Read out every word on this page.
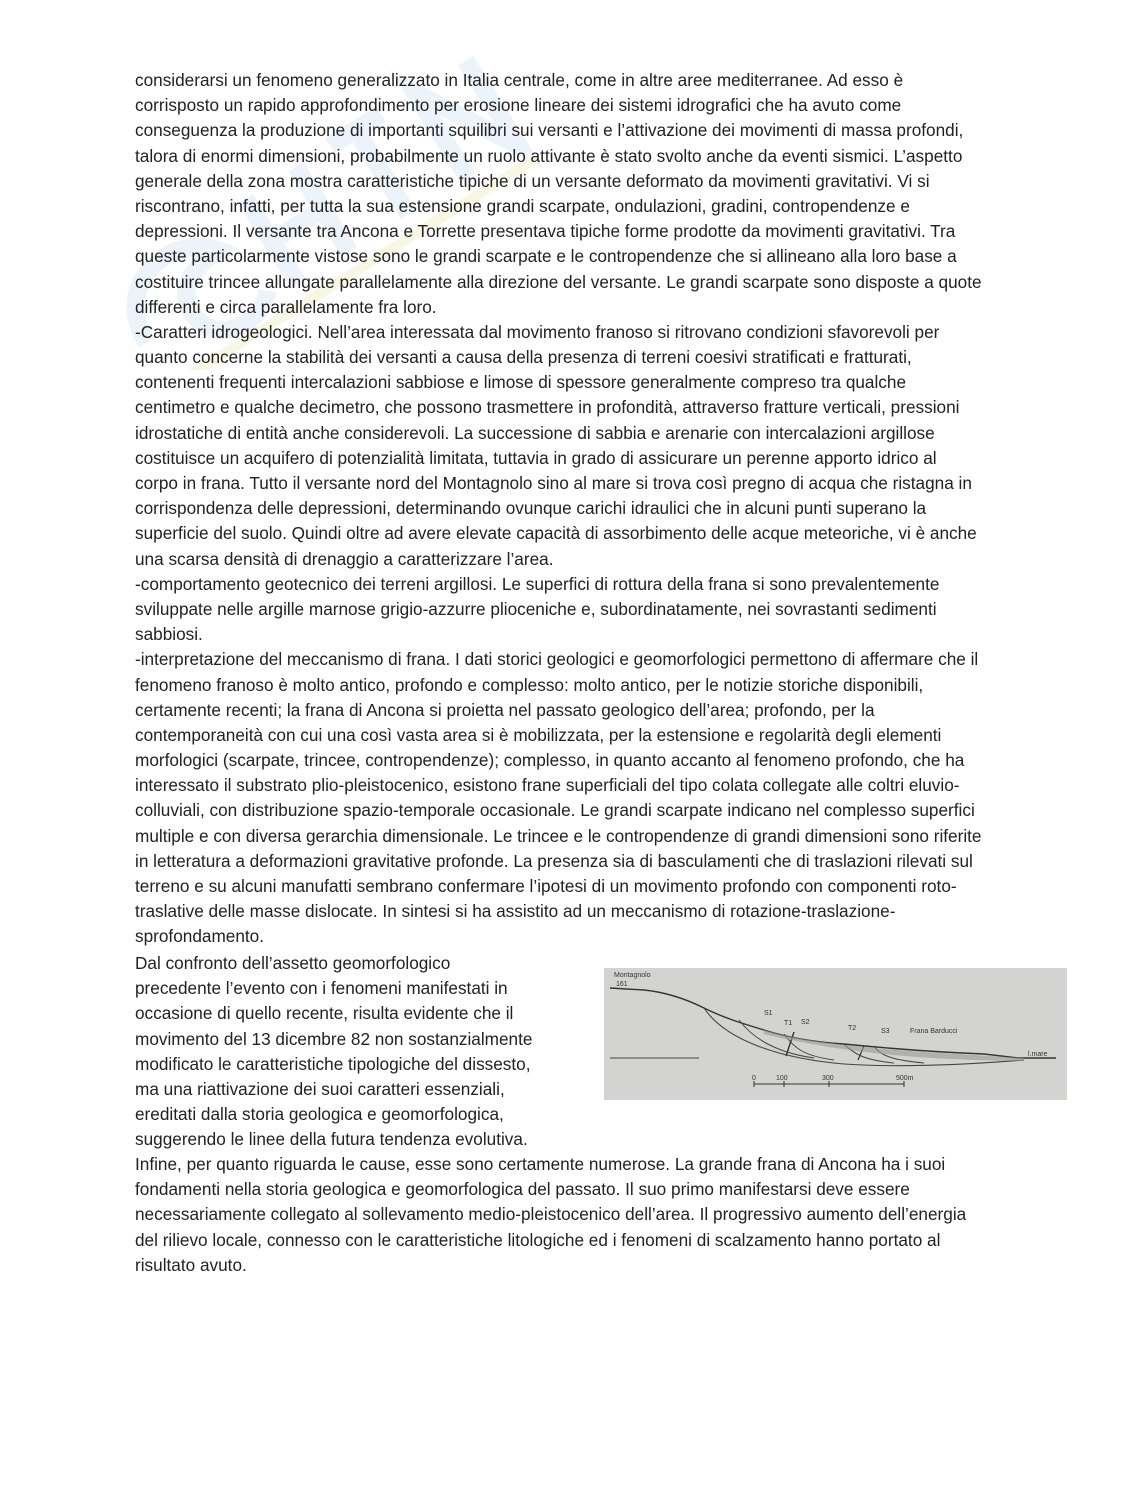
considerarsi un fenomeno generalizzato in Italia centrale, come in altre aree mediterranee. Ad esso è
corrisposto un rapido approfondimento per erosione lineare dei sistemi idrografici che ha avuto come
conseguenza la produzione di importanti squilibri sui versanti e l’attivazione dei movimenti di massa profondi,
talora di enormi dimensioni, probabilmente un ruolo attivante è stato svolto anche da eventi sismici. L’aspetto
generale della zona mostra caratteristiche tipiche di un versante deformato da movimenti gravitativi. Vi si
riscontrano, infatti, per tutta la sua estensione grandi scarpate, ondulazioni, gradini, contropendenze e
depressioni. Il versante tra Ancona e Torrette presentava tipiche forme prodotte da movimenti gravitativi. Tra
queste particolarmente vistose sono le grandi scarpate e le contropendenze che si allineano alla loro base a
costituire trincee allungate parallelamente alla direzione del versante. Le grandi scarpate sono disposte a quote
differenti e circa parallelamente fra loro.
-Caratteri idrogeologici. Nell’area interessata dal movimento franoso si ritrovano condizioni sfavorevoli per
quanto concerne la stabilità dei versanti a causa della presenza di terreni coesivi stratificati e fratturati,
contenenti frequenti intercalazioni sabbiose e limose di spessore generalmente compreso tra qualche
centimetro e qualche decimetro, che possono trasmettere in profondità, attraverso fratture verticali, pressioni
idrostatiche di entità anche considerevoli. La successione di sabbia e arenarie con intercalazioni argillose
costituisce un acquifero di potenzialità limitata, tuttavia in grado di assicurare un perenne apporto idrico al
corpo in frana. Tutto il versante nord del Montagnolo sino al mare si trova così pregno di acqua che ristagna in
corrispondenza delle depressioni, determinando ovunque carichi idraulici che in alcuni punti superano la
superficie del suolo. Quindi oltre ad avere elevate capacità di assorbimento delle acque meteoriche, vi è anche
una scarsa densità di drenaggio a caratterizzare l’area.
-comportamento geotecnico dei terreni argillosi. Le superfici di rottura della frana si sono prevalentemente
sviluppate nelle argille marnose grigio-azzurre plioceniche e, subordinatamente, nei sovrastanti sedimenti
sabbiosi.
-interpretazione del meccanismo di frana. I dati storici geologici e geomorfologici permettono di affermare che il
fenomeno franoso è molto antico, profondo e complesso: molto antico, per le notizie storiche disponibili,
certamente recenti; la frana di Ancona si proietta nel passato geologico dell’area; profondo, per la
contemporaneità con cui una così vasta area si è mobilizzata, per la estensione e regolarità degli elementi
morfologici (scarpate, trincee, contropendenze); complesso, in quanto accanto al fenomeno profondo, che ha
interessato il substrato plio-pleistocenico, esistono frane superficiali del tipo colata collegate alle coltri eluvio-
colluviali, con distribuzione spazio-temporale occasionale. Le grandi scarpate indicano nel complesso superfici
multiple e con diversa gerarchia dimensionale. Le trincee e le contropendenze di grandi dimensioni sono riferite
in letteratura a deformazioni gravitative profonde. La presenza sia di basculamenti che di traslazioni rilevati sul
terreno e su alcuni manufatti sembrano confermare l’ipotesi di un movimento profondo con componenti roto-
traslative delle masse dislocate. In sintesi si ha assistito ad un meccanismo di rotazione-traslazione-
sprofondamento.
Dal confronto dell’assetto geomorfologico
precedente l’evento con i fenomeni manifestati in
occasione di quello recente, risulta evidente che il
movimento del 13 dicembre 82 non sostanzialmente
modificato le caratteristiche tipologiche del dissesto,
ma una riattivazione dei suoi caratteri essenziali,
ereditati dalla storia geologica e geomorfologica,
suggerendo le linee della futura tendenza evolutiva.
Montagnolo
161
S1
T1 S2
T2	S3	Frana Barducci
l.mare
0	100	300	500m
Infine, per quanto riguarda le cause, esse sono certamente numerose. La grande frana di Ancona ha i suoi
fondamenti nella storia geologica e geomorfologica del passato. Il suo primo manifestarsi deve essere
necessariamente collegato al sollevamento medio-pleistocenico dell’area. Il progressivo aumento dell’energia
del rilievo locale, connesso con le caratteristiche litologiche ed i fenomeni di scalzamento hanno portato al
risultato avuto.
